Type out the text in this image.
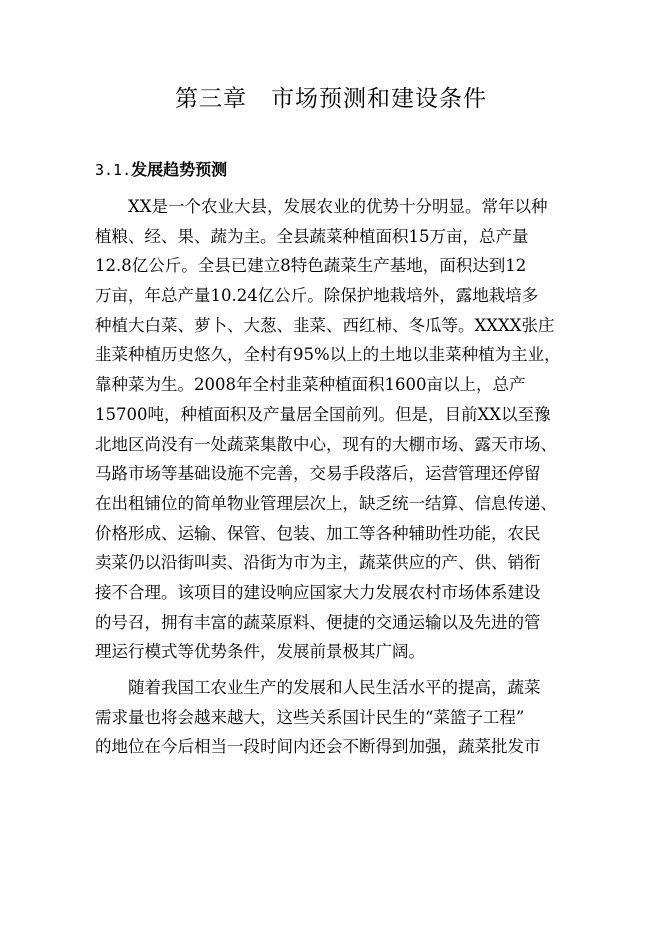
第三章　市场预测和建设条件
3.1.发展趋势预测
　　XX是一个农业大县，发展农业的优势十分明显。常年以种
植粮、经、果、蔬为主。全县蔬菜种植面积15万亩，总产量
12.8亿公斤。全县已建立8特色蔬菜生产基地，面积达到12
万亩，年总产量10.24亿公斤。除保护地栽培外，露地栽培多
种植大白菜、萝卜、大葱、韭菜、西红柿、冬瓜等。XXXX张庄
韭菜种植历史悠久，全村有95%以上的土地以韭菜种植为主业，
靠种菜为生。2008年全村韭菜种植面积1600亩以上，总产
15700吨，种植面积及产量居全国前列。但是，目前XX以至豫
北地区尚没有一处蔬菜集散中心，现有的大棚市场、露天市场、
马路市场等基础设施不完善，交易手段落后，运营管理还停留
在出租铺位的简单物业管理层次上，缺乏统一结算、信息传递、
价格形成、运输、保管、包装、加工等各种辅助性功能，农民
卖菜仍以沿街叫卖、沿街为市为主，蔬菜供应的产、供、销衔
接不合理。该项目的建设响应国家大力发展农村市场体系建设
的号召，拥有丰富的蔬菜原料、便捷的交通运输以及先进的管
理运行模式等优势条件，发展前景极其广阔。
　　随着我国工农业生产的发展和人民生活水平的提高，蔬菜
需求量也将会越来越大，这些关系国计民生的“菜篮子工程”
的地位在今后相当一段时间内还会不断得到加强，蔬菜批发市
